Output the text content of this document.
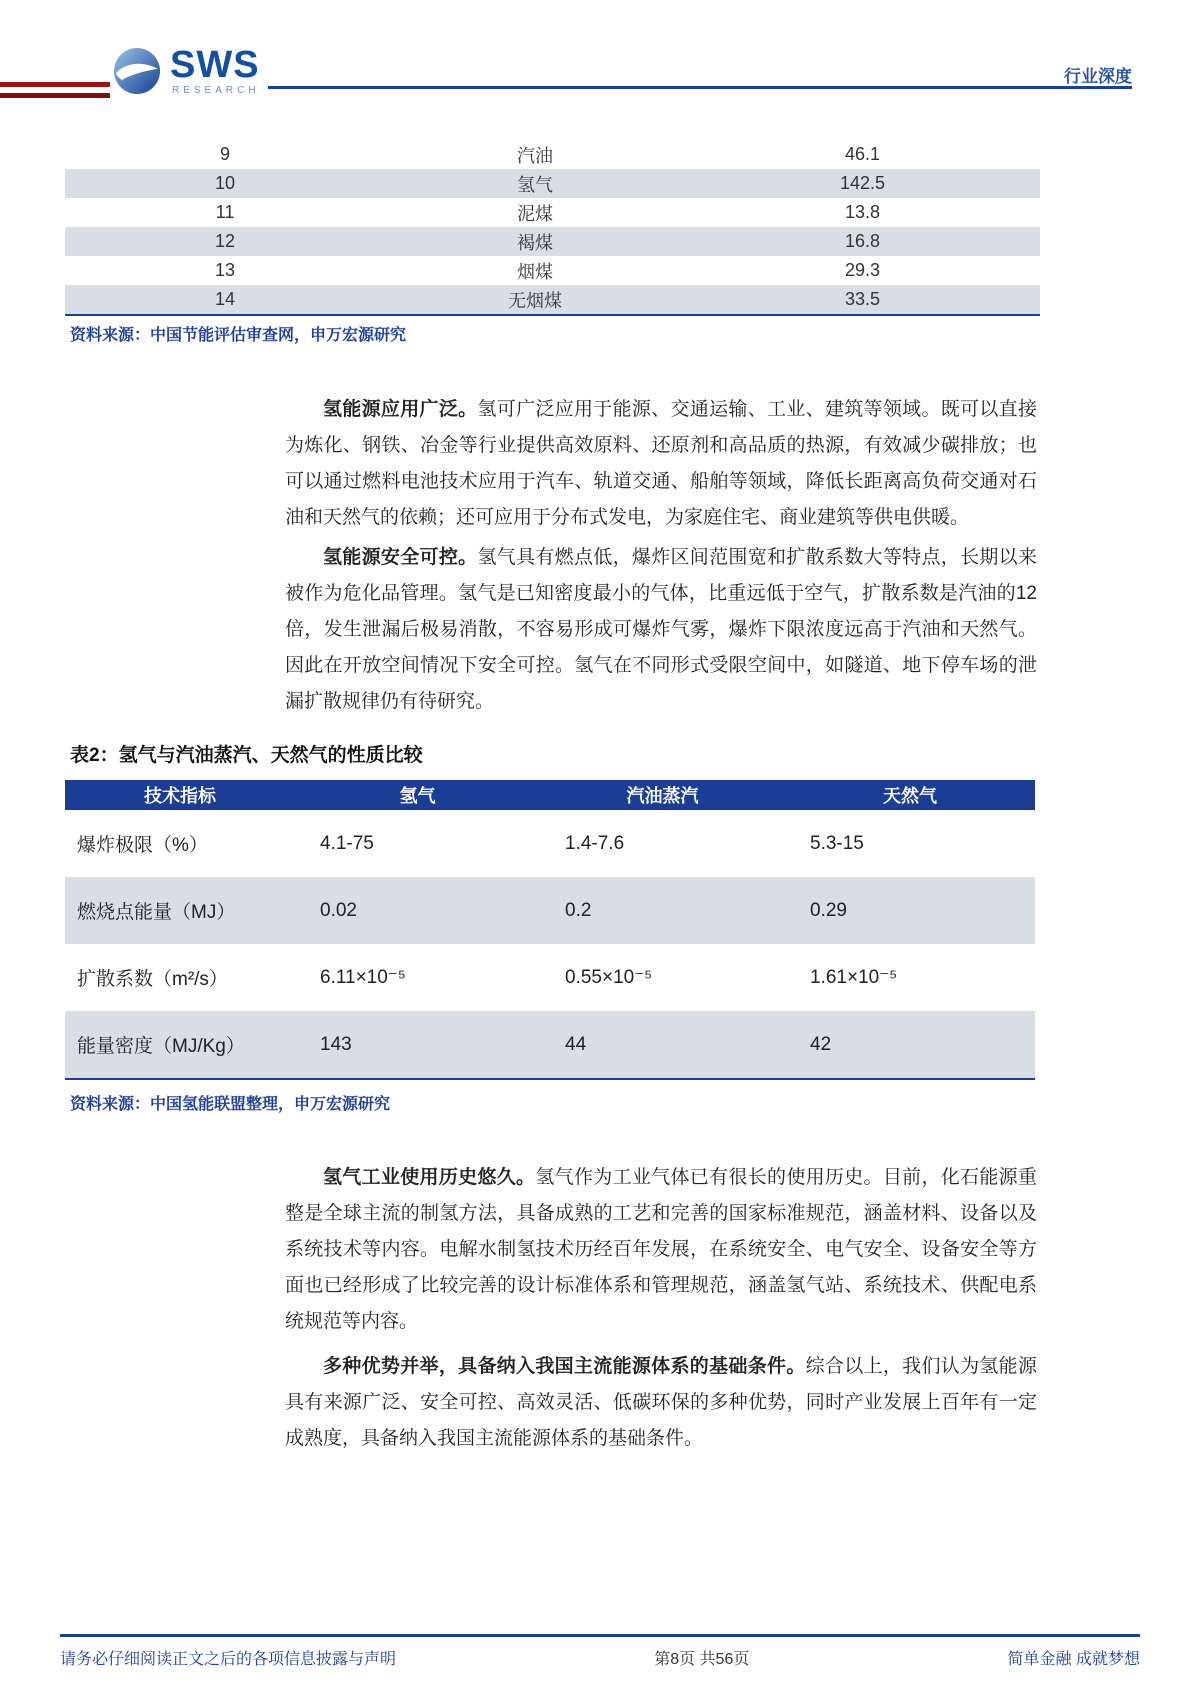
SWS
RESEARCH
行业深度
9	汽油	46.1
10	氢气	142.5
11	泥煤	13.8
12	褐煤	16.8
13	烟煤	29.3
14	无烟煤	33.5
资料来源：中国节能评估审查网，申万宏源研究

氢能源应用广泛。氢可广泛应用于能源、交通运输、工业、建筑等领域。既可以直接为炼化、钢铁、冶金等行业提供高效原料、还原剂和高品质的热源，有效减少碳排放；也可以通过燃料电池技术应用于汽车、轨道交通、船舶等领域，降低长距离高负荷交通对石油和天然气的依赖；还可应用于分布式发电，为家庭住宅、商业建筑等供电供暖。

氢能源安全可控。氢气具有燃点低，爆炸区间范围宽和扩散系数大等特点，长期以来被作为危化品管理。氢气是已知密度最小的气体，比重远低于空气，扩散系数是汽油的12倍，发生泄漏后极易消散，不容易形成可爆炸气雾，爆炸下限浓度远高于汽油和天然气。因此在开放空间情况下安全可控。氢气在不同形式受限空间中，如隧道、地下停车场的泄漏扩散规律仍有待研究。

表2：氢气与汽油蒸汽、天然气的性质比较
技术指标	氢气	汽油蒸汽	天然气
爆炸极限（%）	4.1-75	1.4-7.6	5.3-15
燃烧点能量（MJ）	0.02	0.2	0.29
扩散系数（m²/s）	6.11×10⁻⁵	0.55×10⁻⁵	1.61×10⁻⁵
能量密度（MJ/Kg）	143	44	42
资料来源：中国氢能联盟整理，申万宏源研究

氢气工业使用历史悠久。氢气作为工业气体已有很长的使用历史。目前，化石能源重整是全球主流的制氢方法，具备成熟的工艺和完善的国家标准规范，涵盖材料、设备以及系统技术等内容。电解水制氢技术历经百年发展，在系统安全、电气安全、设备安全等方面也已经形成了比较完善的设计标准体系和管理规范，涵盖氢气站、系统技术、供配电系统规范等内容。

多种优势并举，具备纳入我国主流能源体系的基础条件。综合以上，我们认为氢能源具有来源广泛、安全可控、高效灵活、低碳环保的多种优势，同时产业发展上百年有一定成熟度，具备纳入我国主流能源体系的基础条件。

请务必仔细阅读正文之后的各项信息披露与声明	第8页 共56页	简单金融 成就梦想
